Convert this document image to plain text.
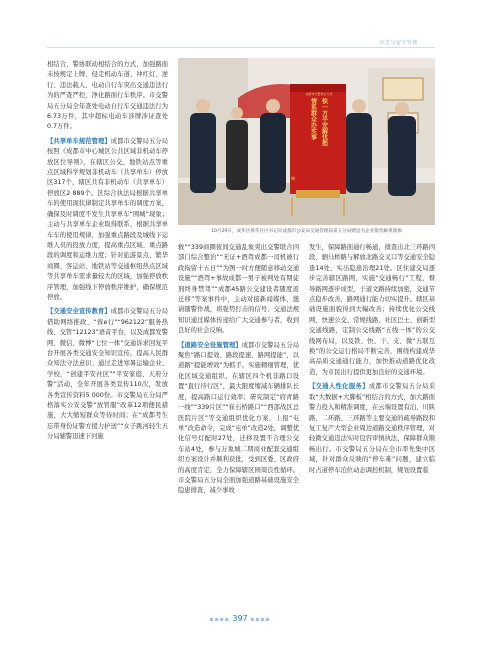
应急与安全管理

相结合、警协联动相结合的方式，加强路面未按规定上牌、侵走机动车道、冲红灯、逆行、违法载人、电动自行车突出交通违法行为的严查严控，净化路面行车秩序。市交警局五分局全年查处电动自行车交通违法行为6.73万件，其中超标电动车涉牌涉证查处0.7万件。

【共享单车规范管理】成都市交警局五分局按照《成都市中心城区公共区域非机动车停放区位导则》，在辖区公交、地铁站点等重点区域科学规划非机动车（共享单车）停放区317个，辖区共有非机动车（共享单车）停放区2 889个。区综合执法局根据共享单车的使用现状律制定共享单车的调度方案，确保及时调度不发生共享单车“围城”现象；主动与共享单车企业取得联系，根据共享单车车的使用规律，加强重点路段及城线下运维人员的投放力度，提高重点区域、重点路段的调度和运维力度；针对旅游景点、繁华商圈、客运站、地铁站等交通枢纽热点区域等共享单车需求量较大的区域，加强停放秩序管理，加强线下停放秩序维护，确保规范停放。

【交通安全宣传教育】成都市交警局五分局借助网络推政、“蓉e行”“962122”服务热线、交管“12123”语音平台，以及成都发警网、微信、微博“七位一体”交通诉求回复平台开展各类交通安全知识宣传，提高人民群众知法守法意识；通过走进寒暑运输企业、学校，“创建平安社区”“平安家庭、天府分警”活动，全年开展各类宣传110次，发放各类宣传资料5 000份。市交警局五分局严格落实公安交警“放管服”改革12项便民措施，大大缩短群众等待时间；在“成都考生忘带身份证警方援力护送”“女子跳河轻生五分局辅警迅速下河施

情系群众办实事 铁一方平安解忧愁
赠
成都市交警局五分局
10月29日，成华区蓉华社区书记向成都市公安局交通管理局第五分局赠送为企业排忧解难锦旗

救”“339商圈夜间交通乱象突出交警联合四部门综合整治”“无证+酒驾成都一司机被行政拘留十五日”“为图一时方便随意移动交通设施”“酒驾+事故成都一男子被判处有期徒刑终身禁驾”“成都45路公交建设者随度返迁移”等案事件中，主动对接新闻媒体，邀请随警作战，将强势打击的信号、交通法规知识通过媒体传递给广大交通参与者，收到良好的社会反响。

【道路安全设施管理】成都市交警局五分局聚焦“路口提效、路段提速、路网提能”，以道路“提能增效”为抓手，实施精细管理，优化区域交通组织，在辖区四个机非路口设置“直行待行区”，最大限度缩减车辆排队长度，提高路口运行效率；研究制定“府青路一线”“339片区”“崔石桥路口”“西部战区总医院片区”等交通组织优化方案，上报“屯单”改造命令，完成“屯单”改造2处，调整优化信号灯配时27处，迁移设置不合理公交车站4处，参与万象城二期商业配套交通组织方案设计并顺利获批，受到区委、区政府的高度肯定，全力保障辖区园周良性循环。市交警局五分局全面加强道路基础设施安全隐患排查，减少事故

发生，保障路面通行畅通，排查出北三环路四段、驷马桥路与解放北路交叉口等交通安全隐患14处，实出隐患治理21处。区住建交局逐步完善辖区路网，实施“交通畅行”工程，督导路网逐步成型，干道文路持续加密，交通节点稳步改善，路网通行能力切实提升。辖区基础设施面貌得到大幅改善；持续优化公交线网，快速公交、常规线路、社区巴士、创新型交通线路，定制公交线路“五线一体”的公交线网布局，以及铁、快、干、支、微“五联互换”的公交运行格局不断完善，围绕构建成华高品质交通通行能力，加快推动道路优化改造，为市民出行提供更加良好的交通环境。

【交通人性化服务】成都市交警局五分局采取“大数据+大脚板”相结合的方式，加大路面警力投入和精准调度，在云端设置有泊、川陕路、二环路、三环路等主要交通的疏导路段和复工复产大型企业周边道路交通秩序管理，对轻微交通违法实时包容审慎执法，保障群众顺畅出行。市交警局五分局在全市率先集中区域，针对群众反映的“停车难”问题，建立临时占道停车泊位动态调控机制，规划设置临

▪▪▪▪ 397 ▪▪▪▪
